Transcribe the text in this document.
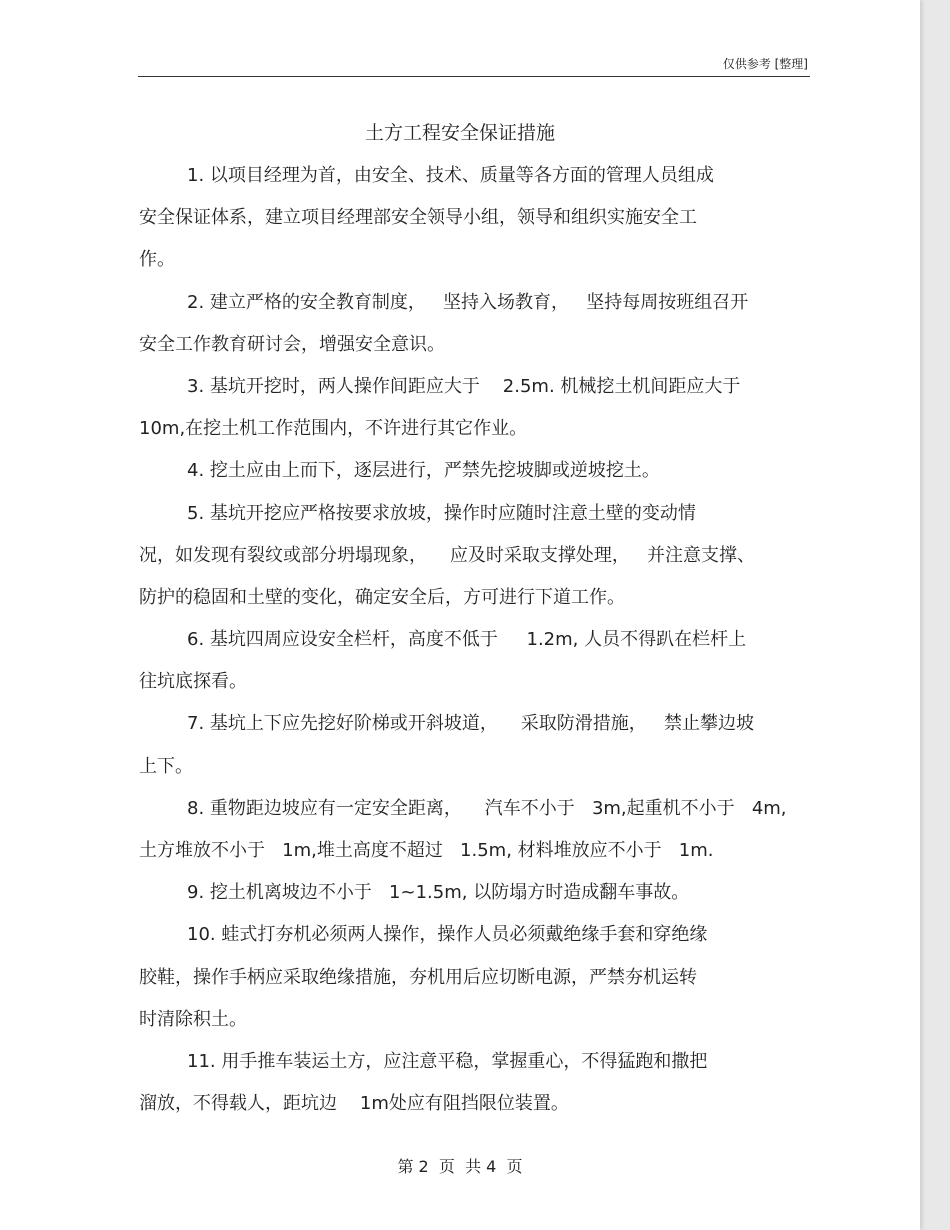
仅供参考 [整理]
土方工程安全保证措施
1. 以项目经理为首，由安全、技术、质量等各方面的管理人员组成
安全保证体系，建立项目经理部安全领导小组，领导和组织实施安全工
作。
2. 建立严格的安全教育制度，   坚持入场教育，   坚持每周按班组召开
安全工作教育研讨会，增强安全意识。
3. 基坑开挖时，两人操作间距应大于    2.5m. 机械挖土机间距应大于
10m,在挖土机工作范围内，不许进行其它作业。
4. 挖土应由上而下，逐层进行，严禁先挖坡脚或逆坡挖土。
5. 基坑开挖应严格按要求放坡，操作时应随时注意土壁的变动情
况，如发现有裂纹或部分坍塌现象，    应及时采取支撑处理，   并注意支撑、
防护的稳固和土壁的变化，确定安全后，方可进行下道工作。
6. 基坑四周应设安全栏杆，高度不低于     1.2m, 人员不得趴在栏杆上
往坑底探看。
7. 基坑上下应先挖好阶梯或开斜坡道，    采取防滑措施，   禁止攀边坡
上下。
8. 重物距边坡应有一定安全距离，    汽车不小于   3m,起重机不小于   4m,
土方堆放不小于   1m,堆土高度不超过   1.5m, 材料堆放应不小于   1m.
9. 挖土机离坡边不小于   1~1.5m, 以防塌方时造成翻车事故。
10. 蛙式打夯机必须两人操作，操作人员必须戴绝缘手套和穿绝缘
胶鞋，操作手柄应采取绝缘措施，夯机用后应切断电源，严禁夯机运转
时清除积土。
11. 用手推车装运土方，应注意平稳，掌握重心，不得猛跑和撒把
溜放，不得载人，距坑边    1m处应有阻挡限位装置。
第 2  页  共 4  页
